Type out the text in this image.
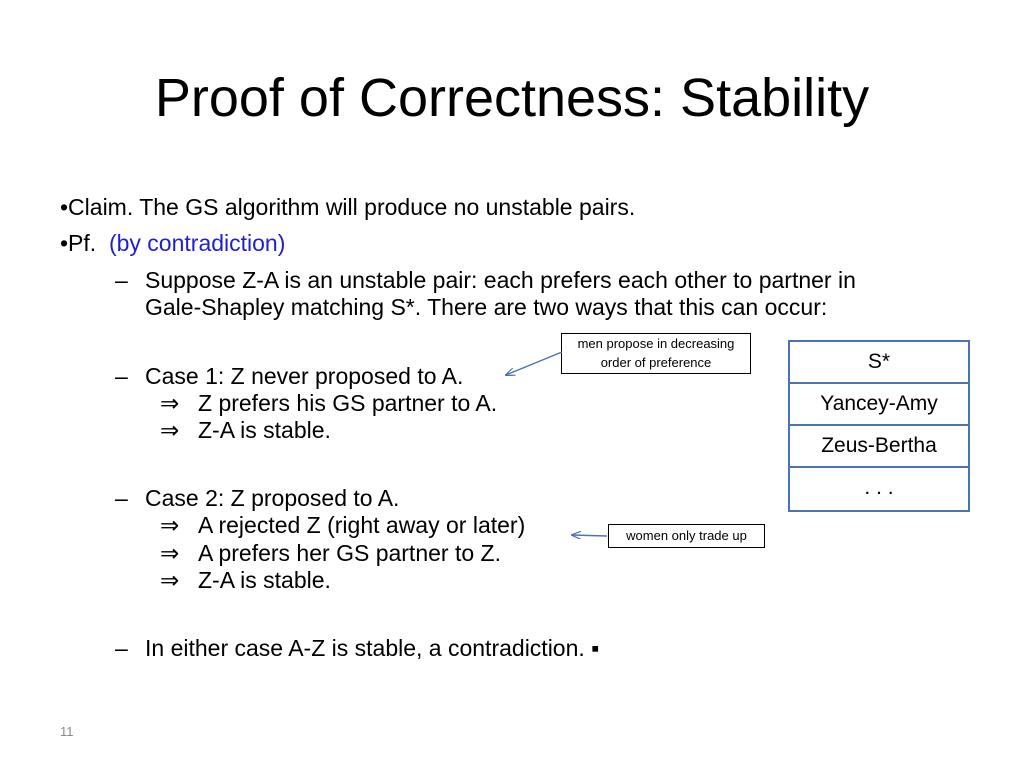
Proof of Correctness: Stability
•Claim. The GS algorithm will produce no unstable pairs.
•Pf.  (by contradiction)
– Suppose Z-A is an unstable pair: each prefers each other to partner in
Gale-Shapley matching S*. There are two ways that this can occur:
– Case 1: Z never proposed to A.
⇒ Z prefers his GS partner to A.
⇒ Z-A is stable.
– Case 2: Z proposed to A.
⇒ A rejected Z (right away or later)
⇒ A prefers her GS partner to Z.
⇒ Z-A is stable.
– In either case A-Z is stable, a contradiction. ▪
men propose in decreasing
order of preference
women only trade up
S*
Yancey-Amy
Zeus-Bertha
. . .
11
